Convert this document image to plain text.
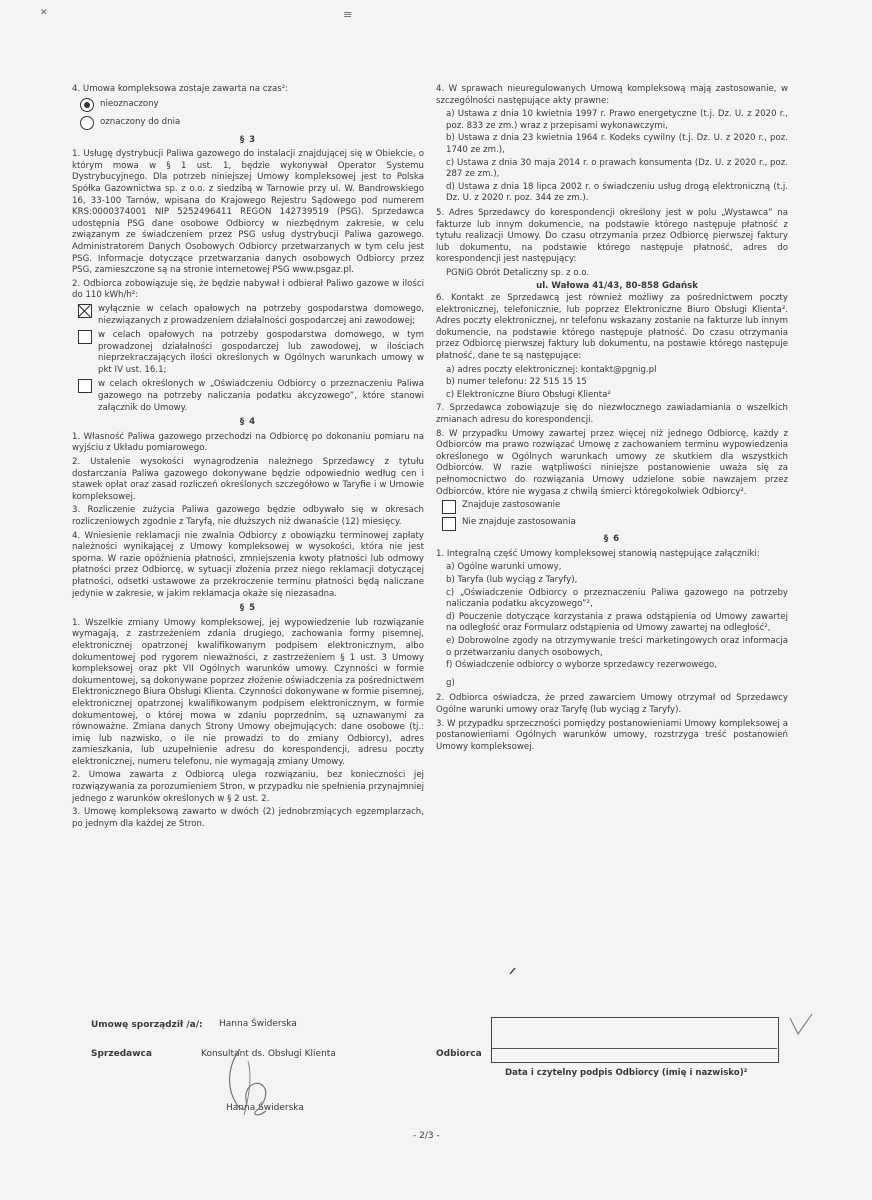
✕	≡
4. Umowa kompleksowa zostaje zawarta na czas²:
nieoznaczony
oznaczony do dnia
§ 3
1. Usługę dystrybucji Paliwa gazowego do instalacji znajdującej się w Obiekcie, o którym mowa w § 1 ust. 1, będzie wykonywał Operator Systemu Dystrybucyjnego. Dla potrzeb niniejszej Umowy kompleksowej jest to Polska Spółka Gazownictwa sp. z o.o. z siedzibą w Tarnowie przy ul. W. Bandrowskiego 16, 33-100 Tarnów, wpisana do Krajowego Rejestru Sądowego pod numerem KRS:0000374001 NIP 5252496411 REGON 142739519 (PSG). Sprzedawca udostępnia PSG dane osobowe Odbiorcy w niezbędnym zakresie, w celu związanym ze świadczeniem przez PSG usług dystrybucji Paliwa gazowego. Administratorem Danych Osobowych Odbiorcy przetwarzanych w tym celu jest PSG. Informacje dotyczące przetwarzania danych osobowych Odbiorcy przez PSG, zamieszczone są na stronie internetowej PSG www.psgaz.pl.
2. Odbiorca zobowiązuje się, że będzie nabywał i odbierał Paliwo gazowe w ilości do 110 kWh/h²:
wyłącznie w celach opałowych na potrzeby gospodarstwa domowego, niezwiązanych z prowadzeniem działalności gospodarczej ani zawodowej;
w celach opałowych na potrzeby gospodarstwa domowego, w tym prowadzonej działalności gospodarczej lub zawodowej, w ilościach nieprzekraczających ilości określonych w Ogólnych warunkach umowy w pkt IV ust. 16.1;
w celach określonych w „Oświadczeniu Odbiorcy o przeznaczeniu Paliwa gazowego na potrzeby naliczania podatku akcyzowego”, które stanowi załącznik do Umowy.
§ 4
1. Własność Paliwa gazowego przechodzi na Odbiorcę po dokonaniu pomiaru na wyjściu z Układu pomiarowego.
2. Ustalenie wysokości wynagrodzenia należnego Sprzedawcy z tytułu dostarczania Paliwa gazowego dokonywane będzie odpowiednio według cen i stawek opłat oraz zasad rozliczeń określonych szczegółowo w Taryfie i w Umowie kompleksowej.
3. Rozliczenie zużycia Paliwa gazowego będzie odbywało się w okresach rozliczeniowych zgodnie z Taryfą, nie dłuższych niż dwanaście (12) miesięcy.
4. Wniesienie reklamacji nie zwalnia Odbiorcy z obowiązku terminowej zapłaty należności wynikającej z Umowy kompleksowej w wysokości, która nie jest sporna. W razie opóźnienia płatności, zmniejszenia kwoty płatności lub odmowy płatności przez Odbiorcę, w sytuacji złożenia przez niego reklamacji dotyczącej płatności, odsetki ustawowe za przekroczenie terminu płatności będą naliczane jedynie w zakresie, w jakim reklamacja okaże się niezasadna.
§ 5
1. Wszelkie zmiany Umowy kompleksowej, jej wypowiedzenie lub rozwiązanie wymagają, z zastrzeżeniem zdania drugiego, zachowania formy pisemnej, elektronicznej opatrzonej kwalifikowanym podpisem elektronicznym, albo dokumentowej pod rygorem nieważności, z zastrzeżeniem § 1 ust. 3 Umowy kompleksowej oraz pkt VII Ogólnych warunków umowy. Czynności w formie dokumentowej, są dokonywane poprzez złożenie oświadczenia za pośrednictwem Elektronicznego Biura Obsługi Klienta. Czynności dokonywane w formie pisemnej, elektronicznej opatrzonej kwalifikowanym podpisem elektronicznym, w formie dokumentowej, o której mowa w zdaniu poprzednim, są uznawanymi za równoważne. Zmiana danych Strony Umowy obejmujących: dane osobowe (tj.: imię lub nazwisko, o ile nie prowadzi to do zmiany Odbiorcy), adres zamieszkania, lub uzupełnienie adresu do korespondencji, adresu poczty elektronicznej, numeru telefonu, nie wymagają zmiany Umowy.
2. Umowa zawarta z Odbiorcą ulega rozwiązaniu, bez konieczności jej rozwiązywania za porozumieniem Stron, w przypadku nie spełnienia przynajmniej jednego z warunków określonych w § 2 ust. 2.
3. Umowę kompleksową zawarto w dwóch (2) jednobrzmiących egzemplarzach, po jednym dla każdej ze Stron.
4. W sprawach nieuregulowanych Umową kompleksową mają zastosowanie, w szczególności następujące akty prawne:
a) Ustawa z dnia 10 kwietnia 1997 r. Prawo energetyczne (t.j. Dz. U. z 2020 r., poz. 833 ze zm.) wraz z przepisami wykonawczymi,
b) Ustawa z dnia 23 kwietnia 1964 r. Kodeks cywilny (t.j. Dz. U. z 2020 r., poz. 1740 ze zm.),
c) Ustawa z dnia 30 maja 2014 r. o prawach konsumenta (Dz. U. z 2020 r., poz. 287 ze zm.),
d) Ustawa z dnia 18 lipca 2002 r. o świadczeniu usług drogą elektroniczną (t.j. Dz. U. z 2020 r. poz. 344 ze zm.).
5. Adres Sprzedawcy do korespondencji określony jest w polu „Wystawca” na fakturze lub innym dokumencie, na podstawie którego następuje płatność z tytułu realizacji Umowy. Do czasu otrzymania przez Odbiorcę pierwszej faktury lub dokumentu, na podstawie którego następuje płatność, adres do korespondencji jest następujący:
PGNiG Obrót Detaliczny sp. z o.o.
ul. Wałowa 41/43, 80-858 Gdańsk
6. Kontakt ze Sprzedawcą jest również możliwy za pośrednictwem poczty elektronicznej, telefonicznie, lub poprzez Elektroniczne Biuro Obsługi Klienta². Adres poczty elektronicznej, nr telefonu wskazany zostanie na fakturze lub innym dokumencie, na podstawie którego następuje płatność. Do czasu otrzymania przez Odbiorcę pierwszej faktury lub dokumentu, na postawie którego następuje płatność, dane te są następujące:
a) adres poczty elektronicznej: kontakt@pgnig.pl
b) numer telefonu: 22 515 15 15
c) Elektroniczne Biuro Obsługi Klienta²
7. Sprzedawca zobowiązuje się do niezwłocznego zawiadamiania o wszelkich zmianach adresu do korespondencji.
8. W przypadku Umowy zawartej przez więcej niż jednego Odbiorcę, każdy z Odbiorców ma prawo rozwiązać Umowę z zachowaniem terminu wypowiedzenia określonego w Ogólnych warunkach umowy ze skutkiem dla wszystkich Odbiorców. W razie wątpliwości niniejsze postanowienie uważa się za pełnomocnictwo do rozwiązania Umowy udzielone sobie nawzajem przez Odbiorców, które nie wygasa z chwilą śmierci któregokolwiek Odbiorcy².
Znajduje zastosowanie
Nie znajduje zastosowania
§ 6
1. Integralną część Umowy kompleksowej stanowią następujące załączniki:
a) Ogólne warunki umowy,
b) Taryfa (lub wyciąg z Taryfy),
c) „Oświadczenie Odbiorcy o przeznaczeniu Paliwa gazowego na potrzeby naliczania podatku akcyzowego”²,
d) Pouczenie dotyczące korzystania z prawa odstąpienia od Umowy zawartej na odległość oraz Formularz odstąpienia od Umowy zawartej na odległość²,
e) Dobrowolne zgody na otrzymywanie treści marketingowych oraz informacja o przetwarzaniu danych osobowych,
f) Oświadczenie odbiorcy o wyborze sprzedawcy rezerwowego,
g)
2. Odbiorca oświadcza, że przed zawarciem Umowy otrzymał od Sprzedawcy Ogólne warunki umowy oraz Taryfę (lub wyciąg z Taryfy).
3. W przypadku sprzeczności pomiędzy postanowieniami Umowy kompleksowej a postanowieniami Ogólnych warunków umowy, rozstrzyga treść postanowień Umowy kompleksowej.
Umowę sporządził /a/: Hanna Świderska
Sprzedawca	Konsultant ds. Obsługi Klienta
Hanna Świderska
Odbiorca
Data i czytelny podpis Odbiorcy (imię i nazwisko)²
- 2/3 -
